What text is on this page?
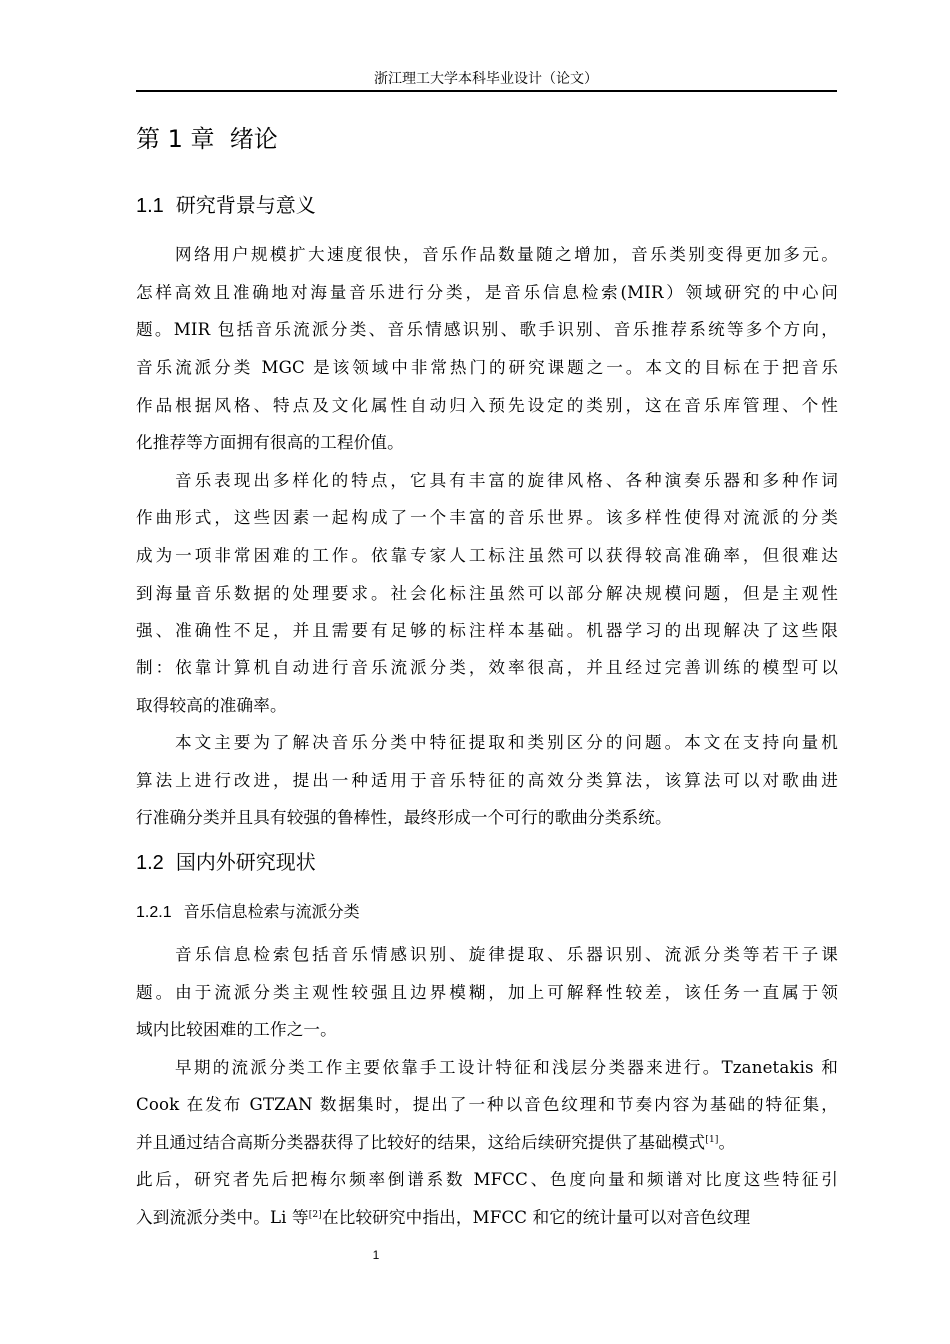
浙江理工大学本科毕业设计（论文）
第 1 章 绪论
1.1 研究背景与意义
网络用户规模扩大速度很快，音乐作品数量随之增加，音乐类别变得更加多元。
怎样高效且准确地对海量音乐进行分类，是音乐信息检索(MIR）领域研究的中心问
题。MIR 包括音乐流派分类、音乐情感识别、歌手识别、音乐推荐系统等多个方向，
音乐流派分类 MGC 是该领域中非常热门的研究课题之一。本文的目标在于把音乐
作品根据风格、特点及文化属性自动归入预先设定的类别，这在音乐库管理、个性
化推荐等方面拥有很高的工程价值。
音乐表现出多样化的特点，它具有丰富的旋律风格、各种演奏乐器和多种作词
作曲形式，这些因素一起构成了一个丰富的音乐世界。该多样性使得对流派的分类
成为一项非常困难的工作。依靠专家人工标注虽然可以获得较高准确率，但很难达
到海量音乐数据的处理要求。社会化标注虽然可以部分解决规模问题，但是主观性
强、准确性不足，并且需要有足够的标注样本基础。机器学习的出现解决了这些限
制：依靠计算机自动进行音乐流派分类，效率很高，并且经过完善训练的模型可以
取得较高的准确率。
本文主要为了解决音乐分类中特征提取和类别区分的问题。本文在支持向量机
算法上进行改进，提出一种适用于音乐特征的高效分类算法，该算法可以对歌曲进
行准确分类并且具有较强的鲁棒性，最终形成一个可行的歌曲分类系统。
1.2 国内外研究现状
1.2.1 音乐信息检索与流派分类
音乐信息检索包括音乐情感识别、旋律提取、乐器识别、流派分类等若干子课
题。由于流派分类主观性较强且边界模糊，加上可解释性较差，该任务一直属于领
域内比较困难的工作之一。
早期的流派分类工作主要依靠手工设计特征和浅层分类器来进行。Tzanetakis 和
Cook 在发布 GTZAN 数据集时，提出了一种以音色纹理和节奏内容为基础的特征集，
并且通过结合高斯分类器获得了比较好的结果，这给后续研究提供了基础模式[1]。
此后，研究者先后把梅尔频率倒谱系数 MFCC、色度向量和频谱对比度这些特征引
入到流派分类中。Li 等[2]在比较研究中指出，MFCC 和它的统计量可以对音色纹理
1
